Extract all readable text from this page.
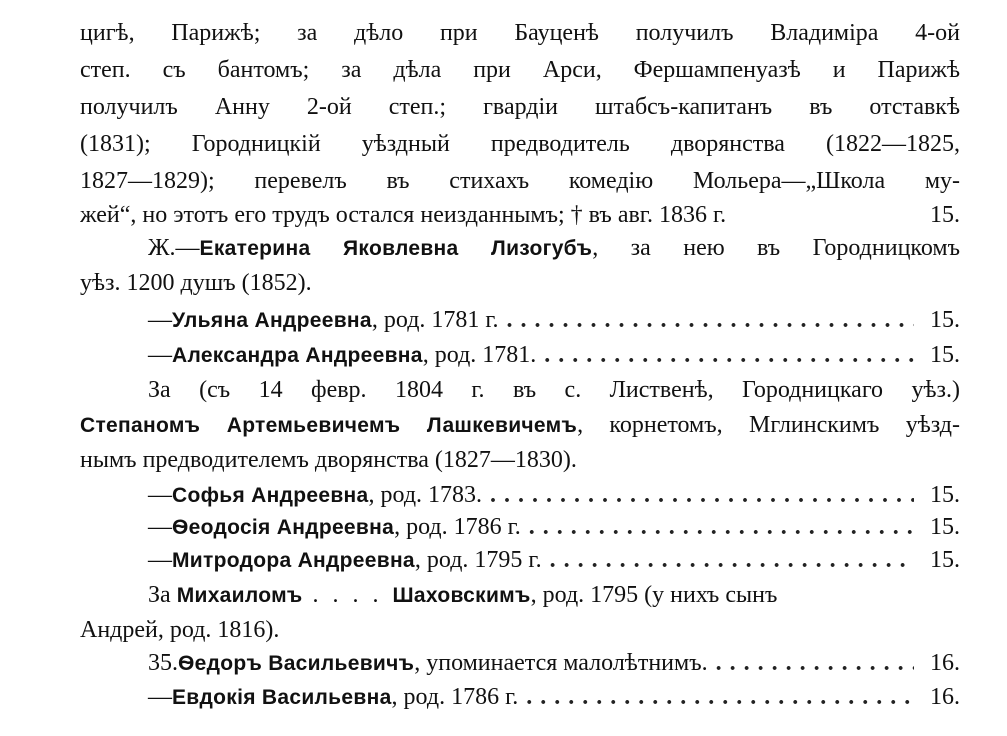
цигѣ, Парижѣ; за дѣло при Бауценѣ получилъ Владиміра 4-ой
степ. съ бантомъ; за дѣла при Арси, Фершампенуазѣ и Парижѣ
получилъ Анну 2-ой степ.; гвардіи штабсъ-капитанъ въ отставкѣ
(1831); Городницкій уѣздный предводитель дворянства (1822—1825,
1827—1829); перевелъ въ стихахъ комедію Мольера—„Школа му-
жей“, но этотъ его трудъ остался неизданнымъ; † въ авг. 1836 г.	15.
Ж.—Екатерина Яковлевна Лизогубъ, за нею въ Городницкомъ
уѣз. 1200 душъ (1852).
— Ульяна Андреевна , род. 1781 г. . . .	15.
— Александра Андреевна , род. 1781. . . .	15.
За (съ 14 февр. 1804 г. въ с. Лиственѣ, Городницкаго уѣз.)
Степаномъ Артемьевичемъ Лашкевичемъ, корнетомъ, Мглинскимъ уѣзд-
нымъ предводителемъ дворянства (1827—1830).
— Софья Андреевна , род. 1783. . . .	15.
— Ѳеодосія Андреевна , род. 1786 г. . . .	15.
— Митродора Андреевна , род. 1795 г. . . .	15.
За Михаиломъ . . . . Шаховскимъ, род. 1795 (у нихъ сынъ
Андрей, род. 1816).
35. Ѳедоръ Васильевичъ , упоминается малолѣтнимъ. . . .	16.
— Евдокія Васильевна , род. 1786 г. . . .	16.
